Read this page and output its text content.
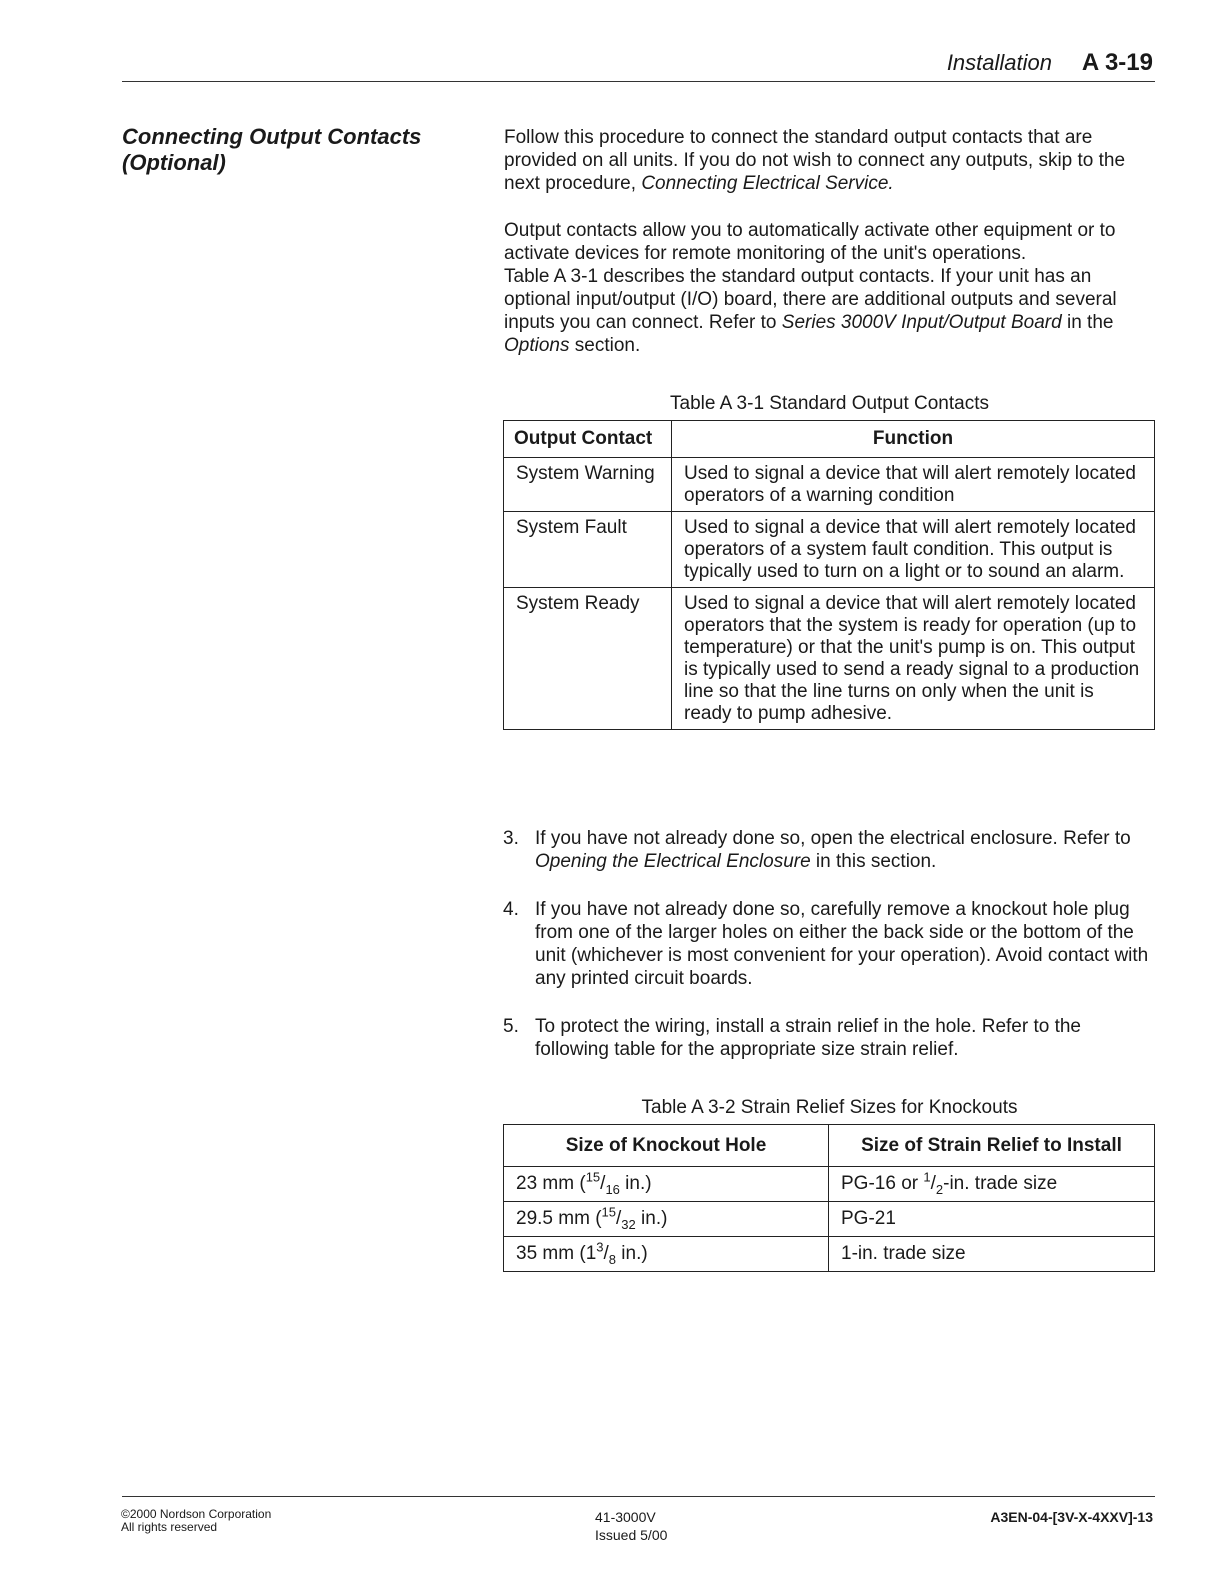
Installation A 3-19
Connecting Output Contacts
(Optional)
Follow this procedure to connect the standard output contacts that are provided on all units. If you do not wish to connect any outputs, skip to the next procedure, Connecting Electrical Service.
Output contacts allow you to automatically activate other equipment or to activate devices for remote monitoring of the unit's operations.
Table A 3-1 describes the standard output contacts. If your unit has an optional input/output (I/O) board, there are additional outputs and several inputs you can connect. Refer to Series 3000V Input/Output Board in the Options section.
Table A 3-1 Standard Output Contacts
Output Contact	Function
System Warning	Used to signal a device that will alert remotely located operators of a warning condition
System Fault	Used to signal a device that will alert remotely located operators of a system fault condition. This output is typically used to turn on a light or to sound an alarm.
System Ready	Used to signal a device that will alert remotely located operators that the system is ready for operation (up to temperature) or that the unit's pump is on. This output is typically used to send a ready signal to a production line so that the line turns on only when the unit is ready to pump adhesive.
3. If you have not already done so, open the electrical enclosure. Refer to Opening the Electrical Enclosure in this section.
4. If you have not already done so, carefully remove a knockout hole plug from one of the larger holes on either the back side or the bottom of the unit (whichever is most convenient for your operation). Avoid contact with any printed circuit boards.
5. To protect the wiring, install a strain relief in the hole. Refer to the following table for the appropriate size strain relief.
Table A 3-2 Strain Relief Sizes for Knockouts
Size of Knockout Hole	Size of Strain Relief to Install
23 mm ($^{15}/_{16}$ in.)	PG-16 or $^1/_2-in$. trade size
29.5 mm ($^{15}/_{32}$ in.)	PG-21
35 mm ($1^3/_8$ in.)	1-in. trade size
©2000 Nordson Corporation
All rights reserved
41-3000V
Issued 5/00
A3EN-04-[3V-X-4XXV]-13
